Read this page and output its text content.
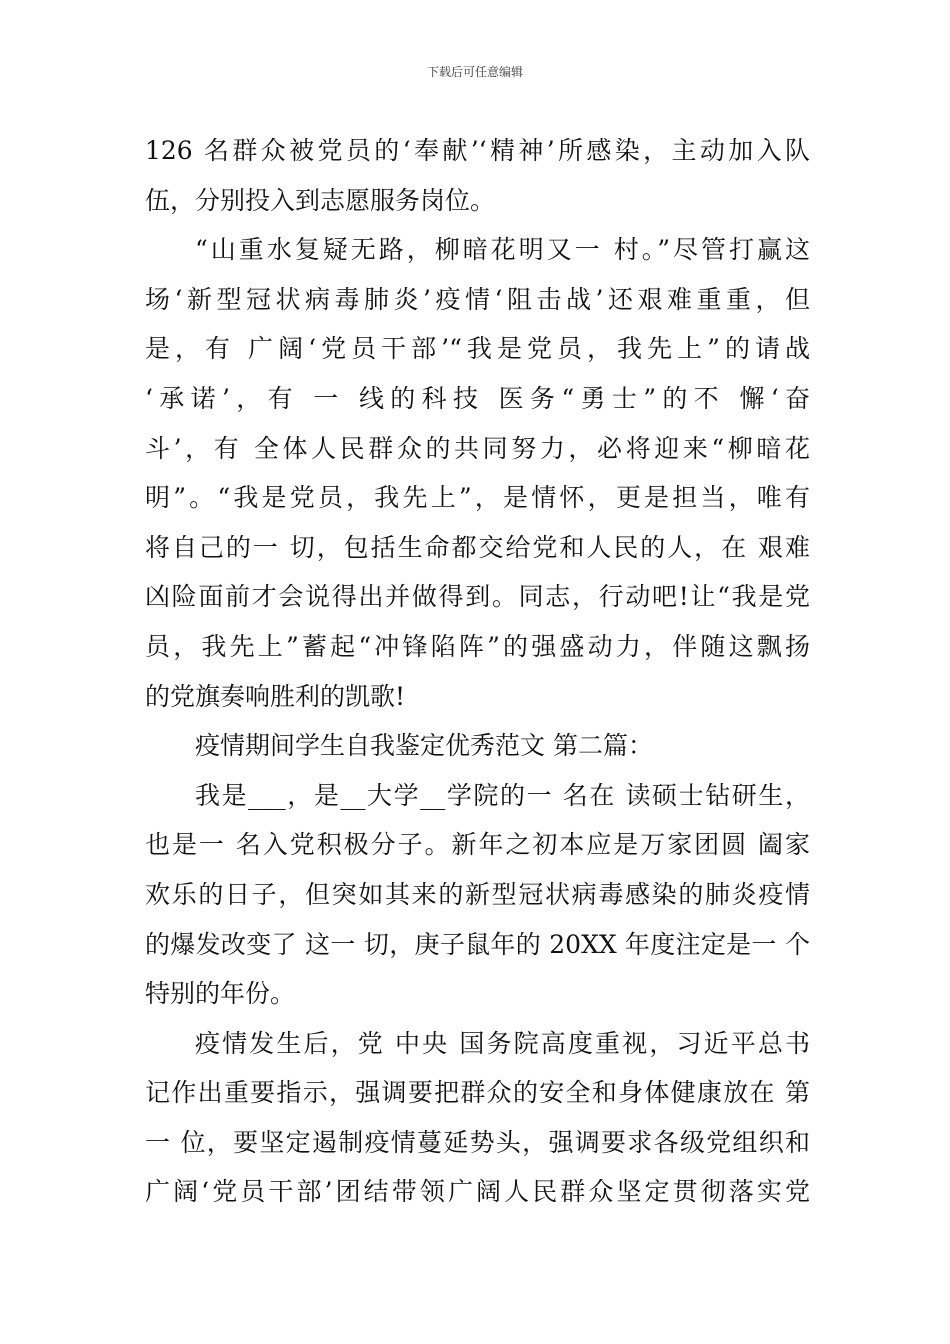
下载后可任意编辑
126 名群众被党员的‘奉献’‘精神’所感染，主动加入队
伍，分别投入到志愿服务岗位。
“山重水复疑无路，柳暗花明又一 村。”尽管打赢这
场‘新型冠状病毒肺炎’疫情‘阻击战’还艰难重重，但
是，有 广阔‘党员干部’“我是党员，我先上”的请战
‘承诺’，有 一 线的科技 医务“勇士”的不 懈‘奋
斗’，有 全体人民群众的共同努力，必将迎来“柳暗花
明”。“我是党员，我先上”，是情怀，更是担当，唯有
将自己的一 切，包括生命都交给党和人民的人，在 艰难
凶险面前才会说得出并做得到。同志，行动吧!让“我是党
员，我先上”蓄起“冲锋陷阵”的强盛动力，伴随这飘扬
的党旗奏响胜利的凯歌!
疫情期间学生自我鉴定优秀范文 第二篇：
我是___，是__大学__学院的一 名在 读硕士钻研生，
也是一 名入党积极分子。新年之初本应是万家团圆 阖家
欢乐的日子，但突如其来的新型冠状病毒感染的肺炎疫情
的爆发改变了 这一 切，庚子鼠年的 20XX 年度注定是一 个
特别的年份。
疫情发生后，党 中央 国务院高度重视，习近平总书
记作出重要指示，强调要把群众的安全和身体健康放在 第
一 位，要坚定遏制疫情蔓延势头，强调要求各级党组织和
广阔‘党员干部’团结带领广阔人民群众坚定贯彻落实党
